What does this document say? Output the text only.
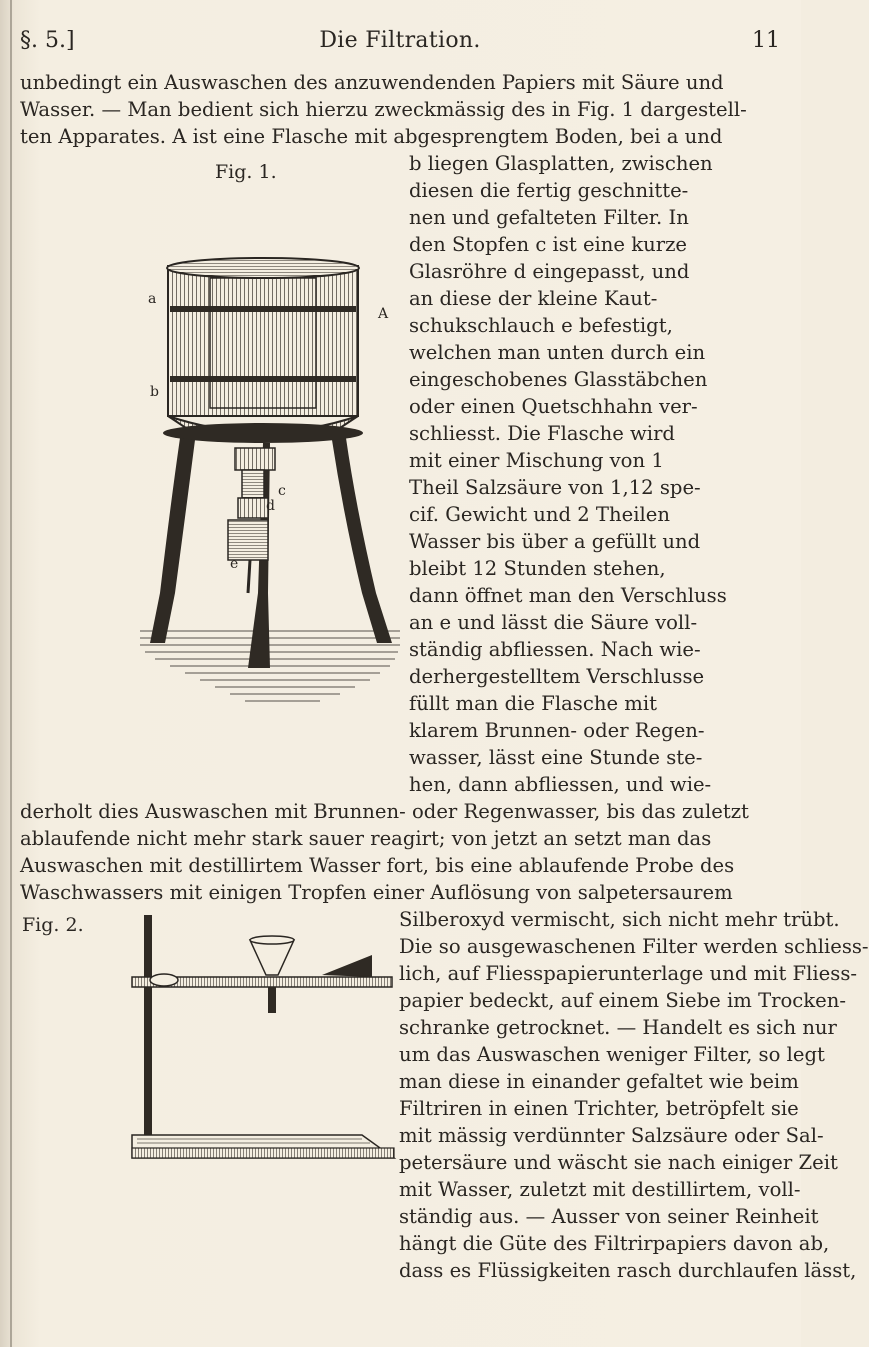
§. 5.]	Die Filtration.	11
unbedingt ein Auswaschen des anzuwendenden Papiers mit Säure und
Wasser. — Man bedient sich hierzu zweckmässig des in Fig. 1 dargestell-
ten Apparates. A ist eine Flasche mit abgesprengtem Boden, bei a und
Fig. 1.	b liegen Glasplatten, zwischen
diesen die fertig geschnitte-
nen und gefalteten Filter. In
den Stopfen c ist eine kurze
Glasröhre d eingepasst, und
an diese der kleine Kaut-
schukschlauch e befestigt,
welchen man unten durch ein
eingeschobenes Glasstäbchen
oder einen Quetschhahn ver-
schliesst. Die Flasche wird
mit einer Mischung von 1
Theil Salzsäure von 1,12 spe-
cif. Gewicht und 2 Theilen
Wasser bis über a gefüllt und
bleibt 12 Stunden stehen,
dann öffnet man den Verschluss
an e und lässt die Säure voll-
ständig abfliessen. Nach wie-
derhergestelltem Verschlusse
füllt man die Flasche mit
klarem Brunnen- oder Regen-
wasser, lässt eine Stunde ste-
hen, dann abfliessen, und wie-
derholt dies Auswaschen mit Brunnen- oder Regenwasser, bis das zuletzt
ablaufende nicht mehr stark sauer reagirt; von jetzt an setzt man das
Auswaschen mit destillirtem Wasser fort, bis eine ablaufende Probe des
Waschwassers mit einigen Tropfen einer Auflösung von salpetersaurem
Fig. 2.	Silberoxyd vermischt, sich nicht mehr trübt.
Die so ausgewaschenen Filter werden schliess-
lich, auf Fliesspapierunterlage und mit Fliess-
papier bedeckt, auf einem Siebe im Trocken-
schranke getrocknet. — Handelt es sich nur
um das Auswaschen weniger Filter, so legt
man diese in einander gefaltet wie beim
Filtriren in einen Trichter, betröpfelt sie
mit mässig verdünnter Salzsäure oder Sal-
petersäure und wäscht sie nach einiger Zeit
mit Wasser, zuletzt mit destillirtem, voll-
ständig aus. — Ausser von seiner Reinheit
hängt die Güte des Filtrirpapiers davon ab,
dass es Flüssigkeiten rasch durchlaufen lässt,
A
a
b
c
d
e
